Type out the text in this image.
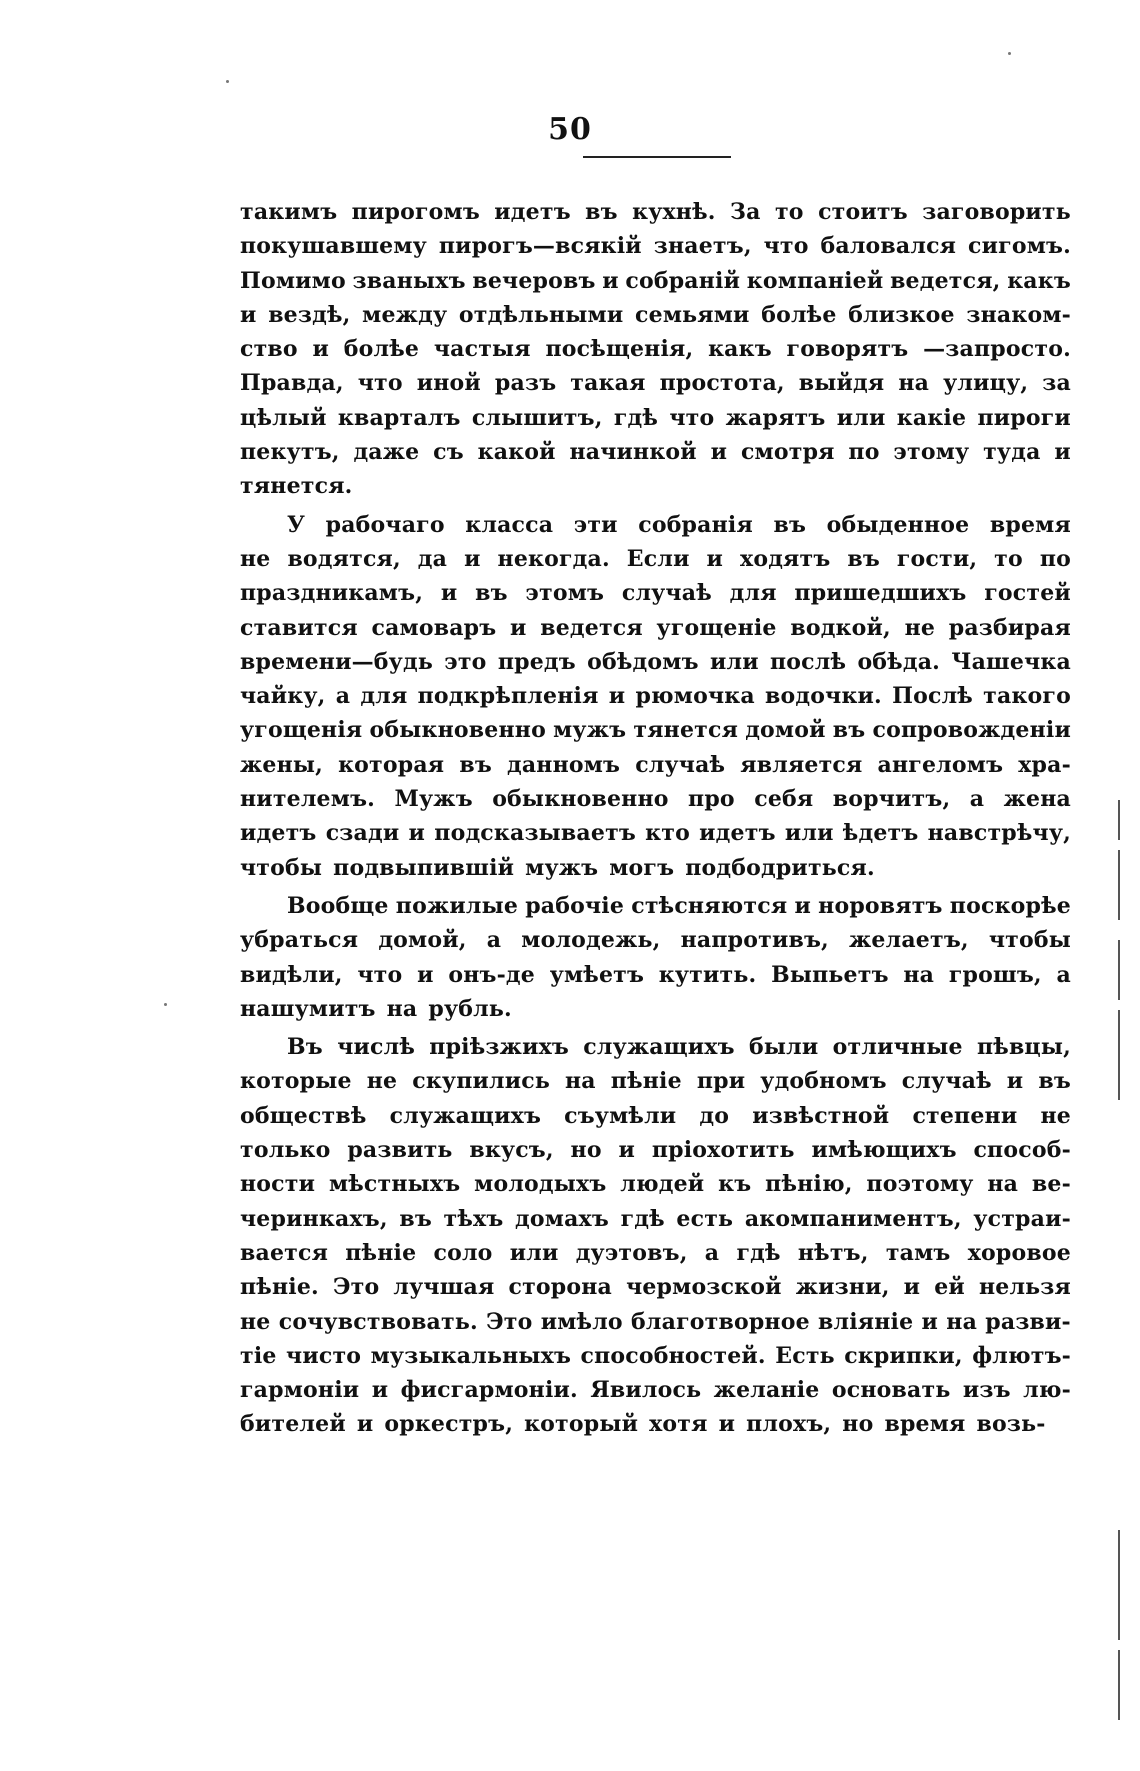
50
такимъ пирогомъ идетъ въ кухнѣ. За то стоитъ заговорить
покушавшему пирогъ—всякій знаетъ, что баловался сигомъ.
Помимо званыхъ вечеровъ и собраній компаніей ведется, какъ
и вездѣ, между отдѣльными семьями болѣе близкое знаком-
ство и болѣе частыя посѣщенія, какъ говорятъ —запросто.
Правда, что иной разъ такая простота, выйдя на улицу, за
цѣлый кварталъ слышитъ, гдѣ что жарятъ или какіе пироги
пекутъ, даже съ какой начинкой и смотря по этому туда и
тянется.
У рабочаго класса эти собранія въ обыденное время
не водятся, да и некогда. Если и ходятъ въ гости, то по
праздникамъ, и въ этомъ случаѣ для пришедшихъ гостей
ставится самоваръ и ведется угощеніе водкой, не разбирая
времени—будь это предъ обѣдомъ или послѣ обѣда. Чашечка
чайку, а для подкрѣпленія и рюмочка водочки. Послѣ такого
угощенія обыкновенно мужъ тянется домой въ сопровожденіи
жены, которая въ данномъ случаѣ является ангеломъ хра-
нителемъ. Мужъ обыкновенно про себя ворчитъ, а жена
идетъ сзади и подсказываетъ кто идетъ или ѣдетъ навстрѣчу,
чтобы подвыпившій мужъ могъ подбодриться.
Вообще пожилые рабочіе стѣсняются и норовятъ поскорѣе
убраться домой, а молодежь, напротивъ, желаетъ, чтобы
видѣли, что и онъ-де умѣетъ кутить. Выпьетъ на грошъ, а
нашумитъ на рубль.
Въ числѣ пріѣзжихъ служащихъ были отличные пѣвцы,
которые не скупились на пѣніе при удобномъ случаѣ и въ
обществѣ служащихъ съумѣли до извѣстной степени не
только развить вкусъ, но и пріохотить имѣющихъ способ-
ности мѣстныхъ молодыхъ людей къ пѣнію, поэтому на ве-
черинкахъ, въ тѣхъ домахъ гдѣ есть акомпаниментъ, устраи-
вается пѣніе соло или дуэтовъ, а гдѣ нѣтъ, тамъ хоровое
пѣніе. Это лучшая сторона чермозской жизни, и ей нельзя
не сочувствовать. Это имѣло благотворное вліяніе и на разви-
тіе чисто музыкальныхъ способностей. Есть скрипки, флютъ-
гармоніи и фисгармоніи. Явилось желаніе основать изъ лю-
бителей и оркестръ, который хотя и плохъ, но время возь-
